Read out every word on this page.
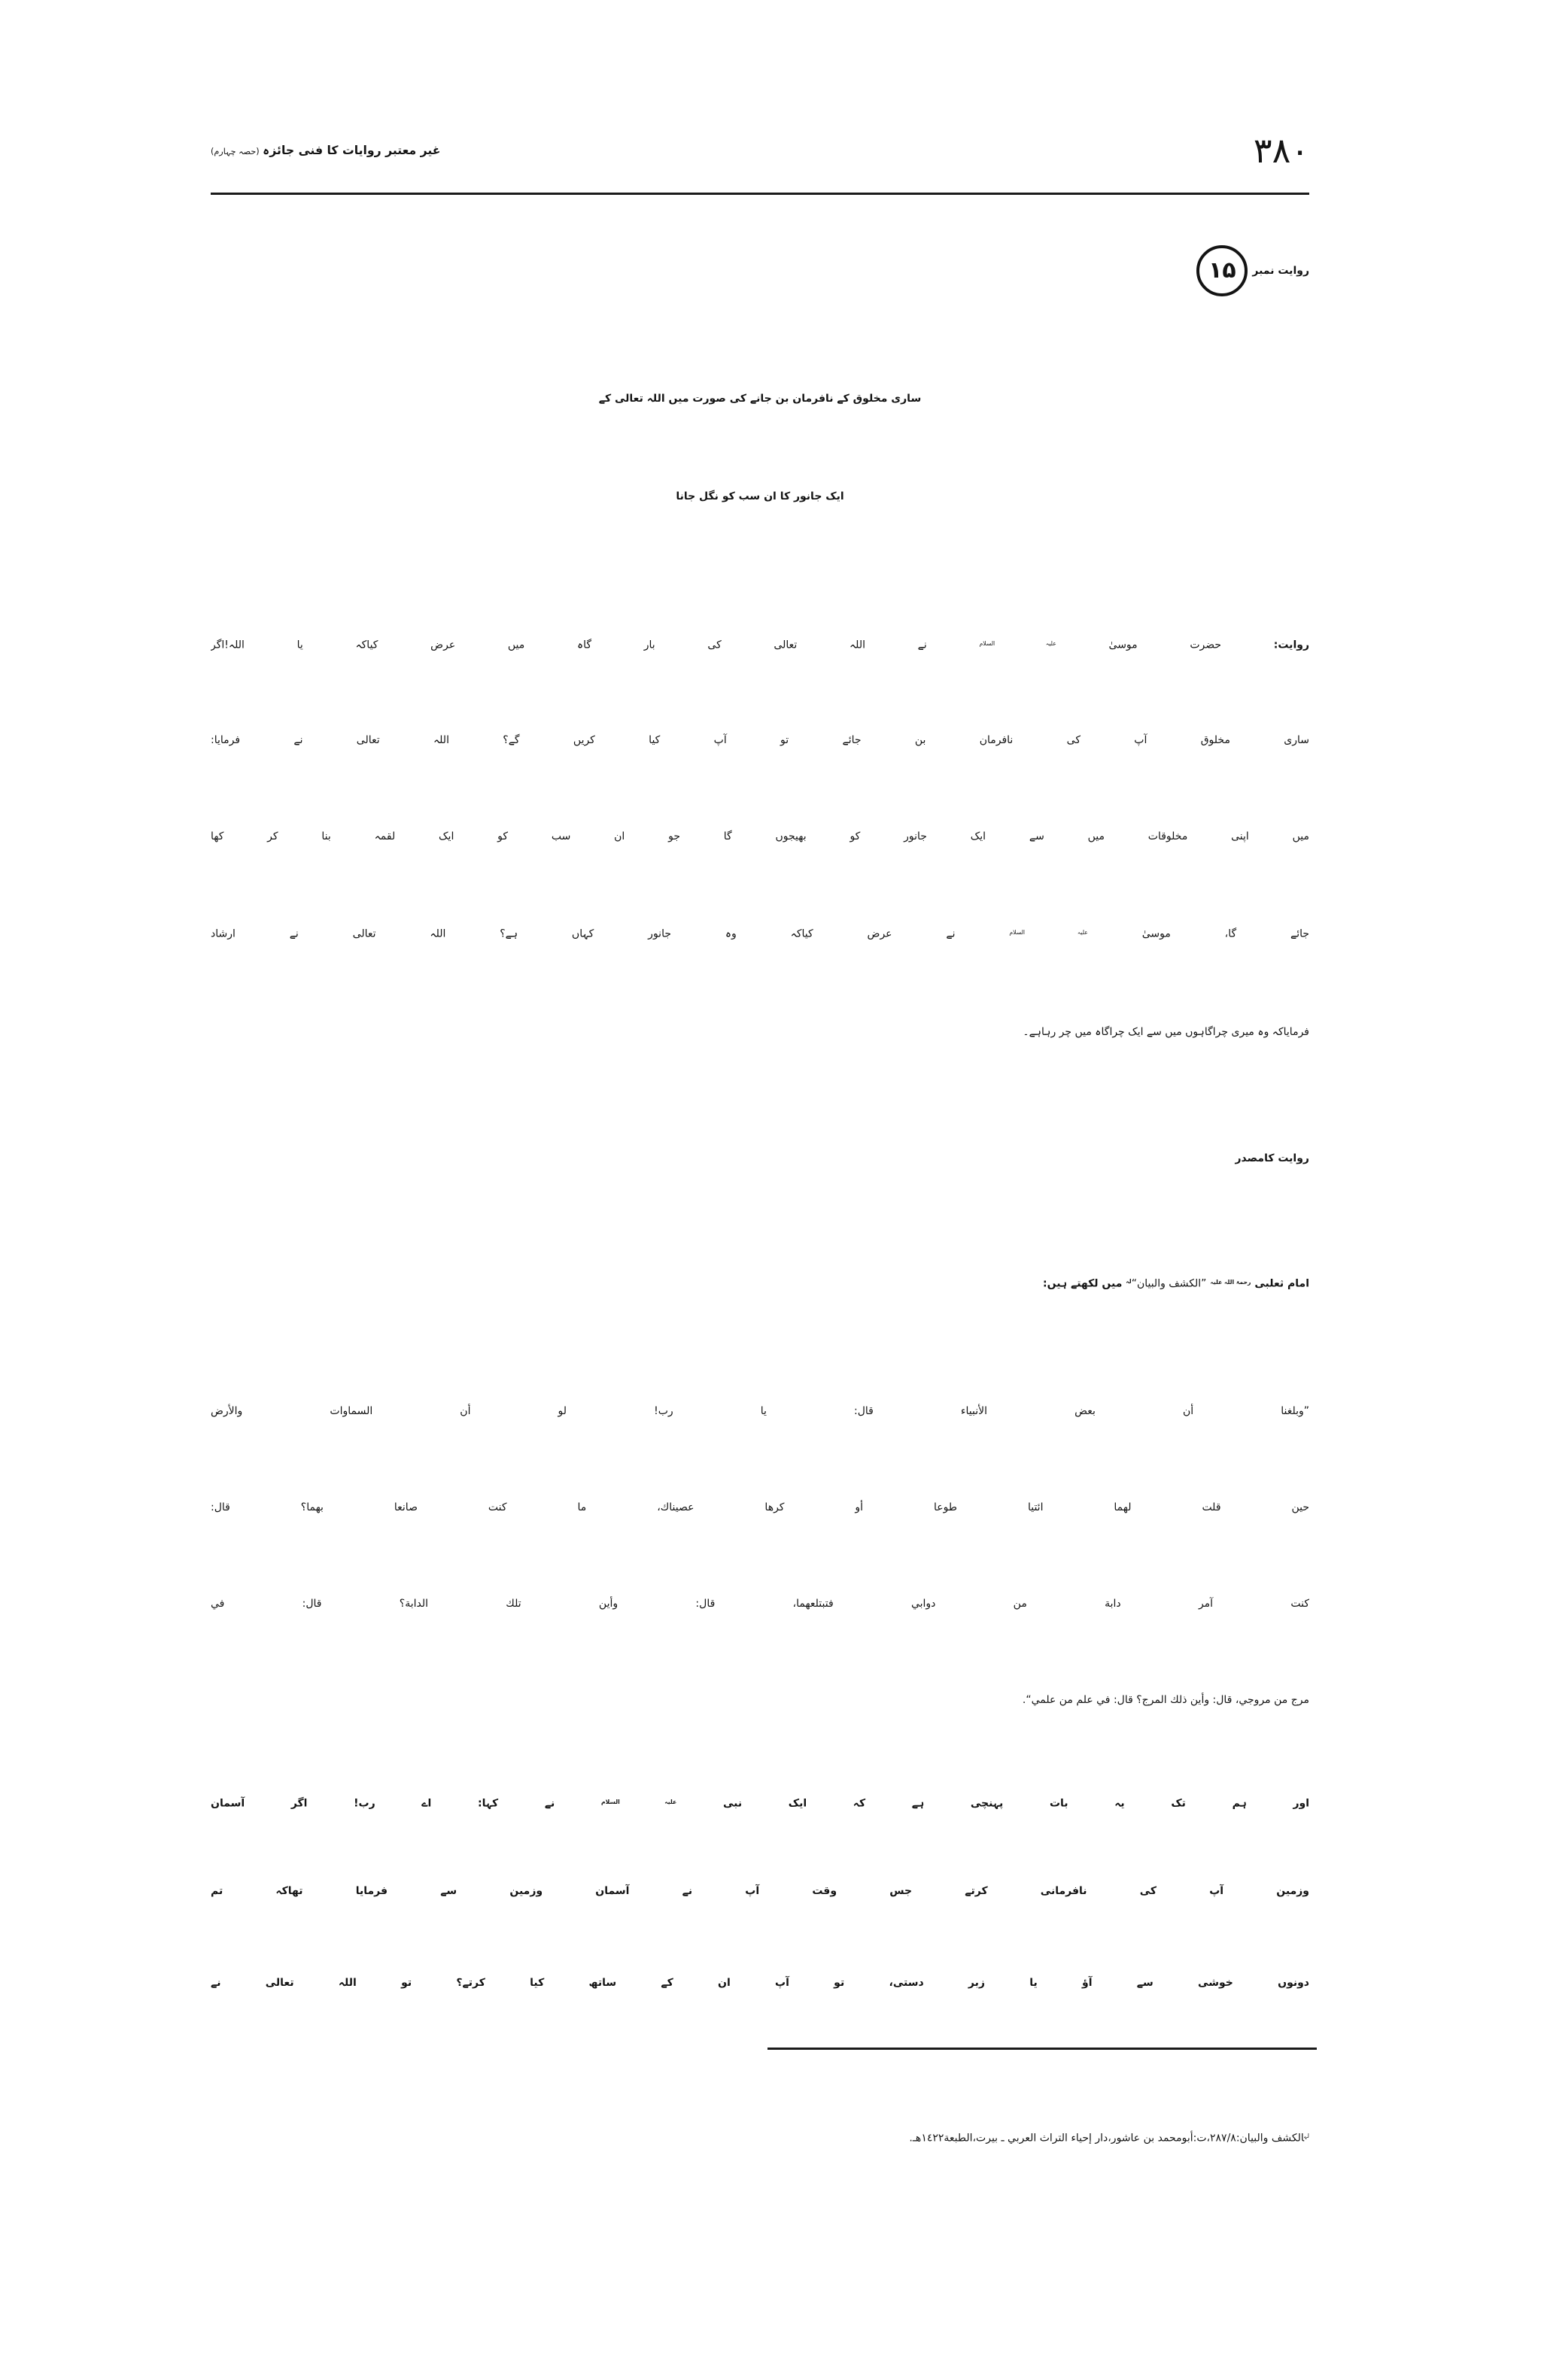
۳۸۰
غیر معتبر روایات کا فنی جائزہ (حصہ چہارم)
روایت نمبر۱۵
ساری مخلوق کے نافرمان بن جانے کی صورت میں اللہ تعالی کے
ایک جانور کا ان سب کو نگل جانا
روایت: حضرت موسیٰ $^{علیہ السلام}$ نے اللہ تعالی کی بار گاہ میں عرض کیاکہ یا اللہ!اگر
ساری مخلوق آپ کی نافرمان بن جائے تو آپ کیا کریں گے؟ اللہ تعالی نے فرمایا:
میں اپنی مخلوقات میں سے ایک جانور کو بھیجوں گا جو ان سب کو ایک لقمہ بنا کر کھا
جائے گا، موسیٰ $^{علیہ السلام}$ نے عرض کیاکہ وہ جانور کہاں ہے؟ اللہ تعالی نے ارشاد
فرمایاکہ وہ میری چراگاہوں میں سے ایک چراگاہ میں چر رہاہے۔
روایت کامصدر
امام ثعلبی $^{رحمۃ اللہ علیہ}$ ”الکشف والبیان“$^{لہ}$ میں لکھتے ہیں:
”وبلغنا أن بعض الأنبياء قال: يا رب! لو أن السماوات والأرض
حين قلت لهما ائتيا طوعا أو كرها عصيناك، ما كنت صانعا بهما؟ قال:
كنت آمر دابة من دوابي فتبتلعهما، قال: وأين تلك الدابة؟ قال: في
مرج من مروجي، قال: وأين ذلك المرج؟ قال: في علم من علمي“.
اور ہم تک یہ بات پہنچی ہے کہ ایک نبی $^{علیہ السلام}$ نے کہا: اے رب! اگر آسمان
وزمین آپ کی نافرمانی کرتے جس وقت آپ نے آسمان وزمین سے فرمایا تھاکہ تم
دونوں خوشی سے آؤ یا زبر دستی، تو آپ ان کے ساتھ کیا کرتے؟ تو اللہ تعالی نے
$^{لہ}$الکشف والبیان:۲۸۷/۸،ت:أبومحمد بن عاشور،دار إحياء التراث العربي ـ بيرت،الطبعة١٤٢٢هـ.
